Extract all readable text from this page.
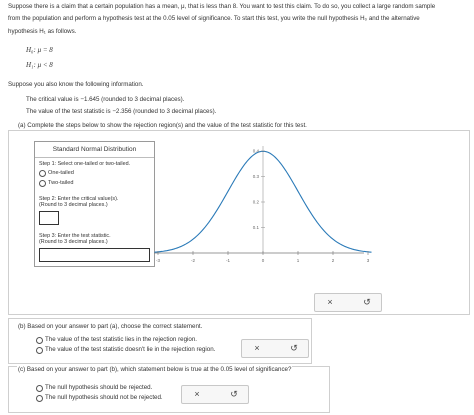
Suppose there is a claim that a certain population has a mean, μ, that is less than 8. You want to test this claim. To do so, you collect a large random sample
from the population and perform a hypothesis test at the 0.05 level of significance. To start this test, you write the null hypothesis H₀ and the alternative
hypothesis H₁ as follows.
H₀: μ = 8
H₁: μ < 8
Suppose you also know the following information.
The critical value is −1.645 (rounded to 3 decimal places).
The value of the test statistic is −2.356 (rounded to 3 decimal places).
(a) Complete the steps below to show the rejection region(s) and the value of the test statistic for this test.
Standard Normal Distribution
Step 1: Select one-tailed or two-tailed.
One-tailed
Two-tailed
Step 2: Enter the critical value(s).
(Round to 3 decimal places.)
Step 3: Enter the test statistic.
(Round to 3 decimal places.)
-3	-2	-1	0	1	2	3
0.4
0.3
0.2
0.1
×	↺
(b) Based on your answer to part (a), choose the correct statement.
The value of the test statistic lies in the rejection region.
The value of the test statistic doesn't lie in the rejection region.	×	↺
(c) Based on your answer to part (b), which statement below is true at the 0.05 level of significance?
The null hypothesis should be rejected.
The null hypothesis should not be rejected.	×	↺
